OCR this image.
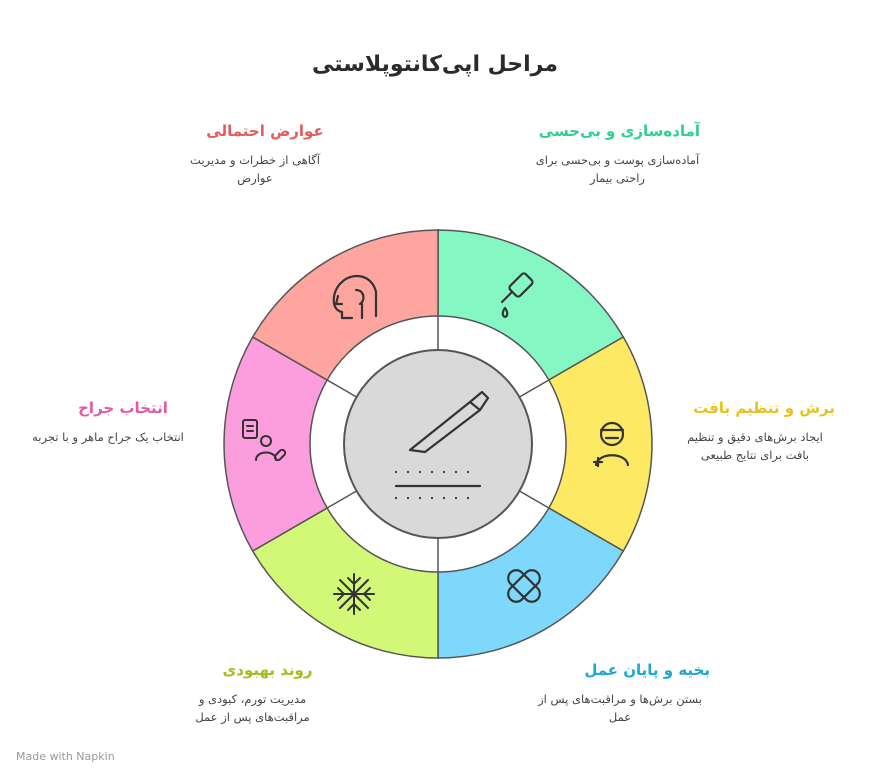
مراحل اپی‌کانتوپلاستی
آماده‌سازی و بی‌حسی
آماده‌سازی پوست و بی‌حسی برای راحتی بیمار
عوارض احتمالی
آگاهی از خطرات و مدیریت عوارض
برش و تنظیم بافت
ایجاد برش‌های دقیق و تنظیم بافت برای نتایج طبیعی
انتخاب جراح
انتخاب یک جراح ماهر و با تجربه
بخیه و پایان عمل
بستن برش‌ها و مراقبت‌های پس از عمل
روند بهبودی
مدیریت تورم، کبودی و مراقبت‌های پس از عمل
Made with Napkin
